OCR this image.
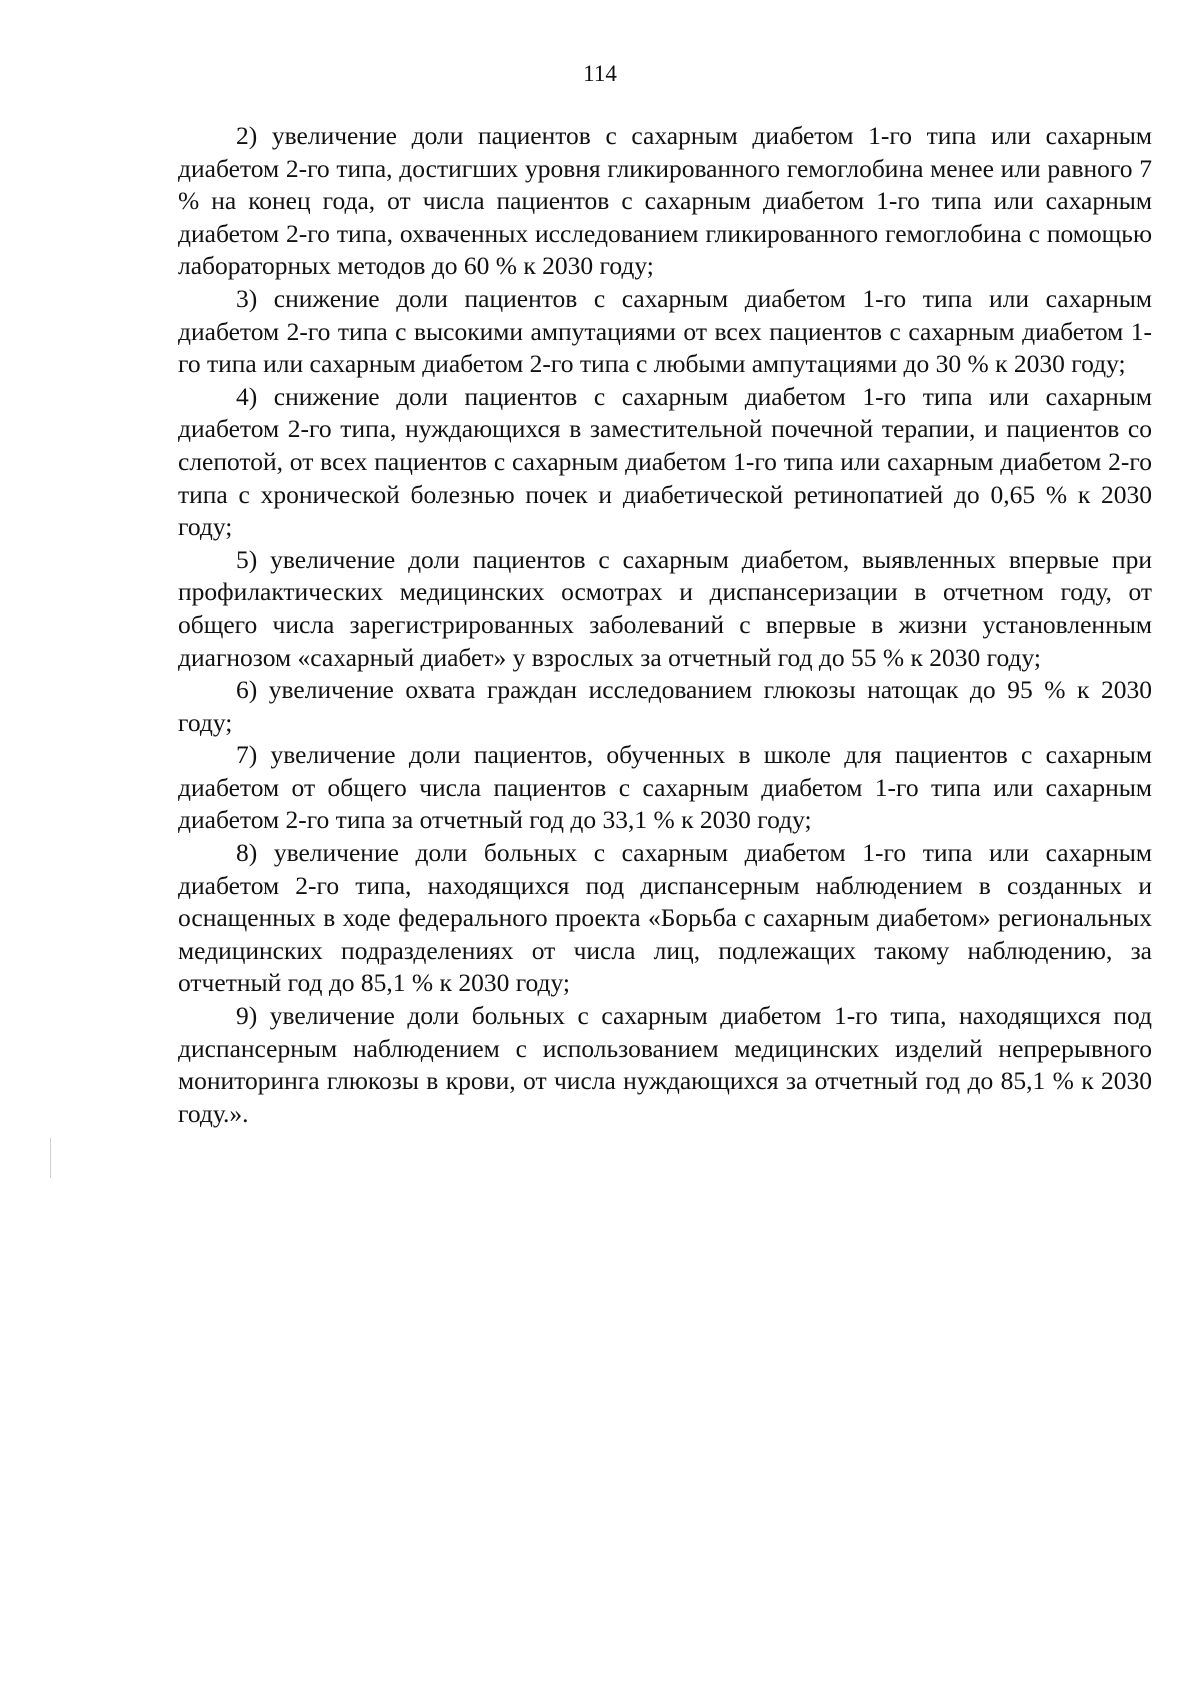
114

2) увеличение доли пациентов с сахарным диабетом 1-го типа или сахарным диабетом 2-го типа, достигших уровня гликированного гемоглобина менее или равного 7 % на конец года, от числа пациентов с сахарным диабетом 1-го типа или сахарным диабетом 2-го типа, охваченных исследованием гликированного гемоглобина с помощью лабораторных методов до 60 % к 2030 году;

3) снижение доли пациентов с сахарным диабетом 1-го типа или сахарным диабетом 2-го типа с высокими ампутациями от всех пациентов с сахарным диабетом 1-го типа или сахарным диабетом 2-го типа с любыми ампутациями до 30 % к 2030 году;

4) снижение доли пациентов с сахарным диабетом 1-го типа или сахарным диабетом 2-го типа, нуждающихся в заместительной почечной терапии, и пациентов со слепотой, от всех пациентов с сахарным диабетом 1-го типа или сахарным диабетом 2-го типа с хронической болезнью почек и диабетической ретинопатией до 0,65 % к 2030 году;

5) увеличение доли пациентов с сахарным диабетом, выявленных впервые при профилактических медицинских осмотрах и диспансеризации в отчетном году, от общего числа зарегистрированных заболеваний с впервые в жизни установленным диагнозом «сахарный диабет» у взрослых за отчетный год до 55 % к 2030 году;

6) увеличение охвата граждан исследованием глюкозы натощак до 95 % к 2030 году;

7) увеличение доли пациентов, обученных в школе для пациентов с сахарным диабетом от общего числа пациентов с сахарным диабетом 1-го типа или сахарным диабетом 2-го типа за отчетный год до 33,1 % к 2030 году;

8) увеличение доли больных с сахарным диабетом 1-го типа или сахарным диабетом 2-го типа, находящихся под диспансерным наблюдением в созданных и оснащенных в ходе федерального проекта «Борьба с сахарным диабетом» региональных медицинских подразделениях от числа лиц, подлежащих такому наблюдению, за отчетный год до 85,1 % к 2030 году;

9) увеличение доли больных с сахарным диабетом 1-го типа, находящихся под диспансерным наблюдением с использованием медицинских изделий непрерывного мониторинга глюкозы в крови, от числа нуждающихся за отчетный год до 85,1 % к 2030 году.».
